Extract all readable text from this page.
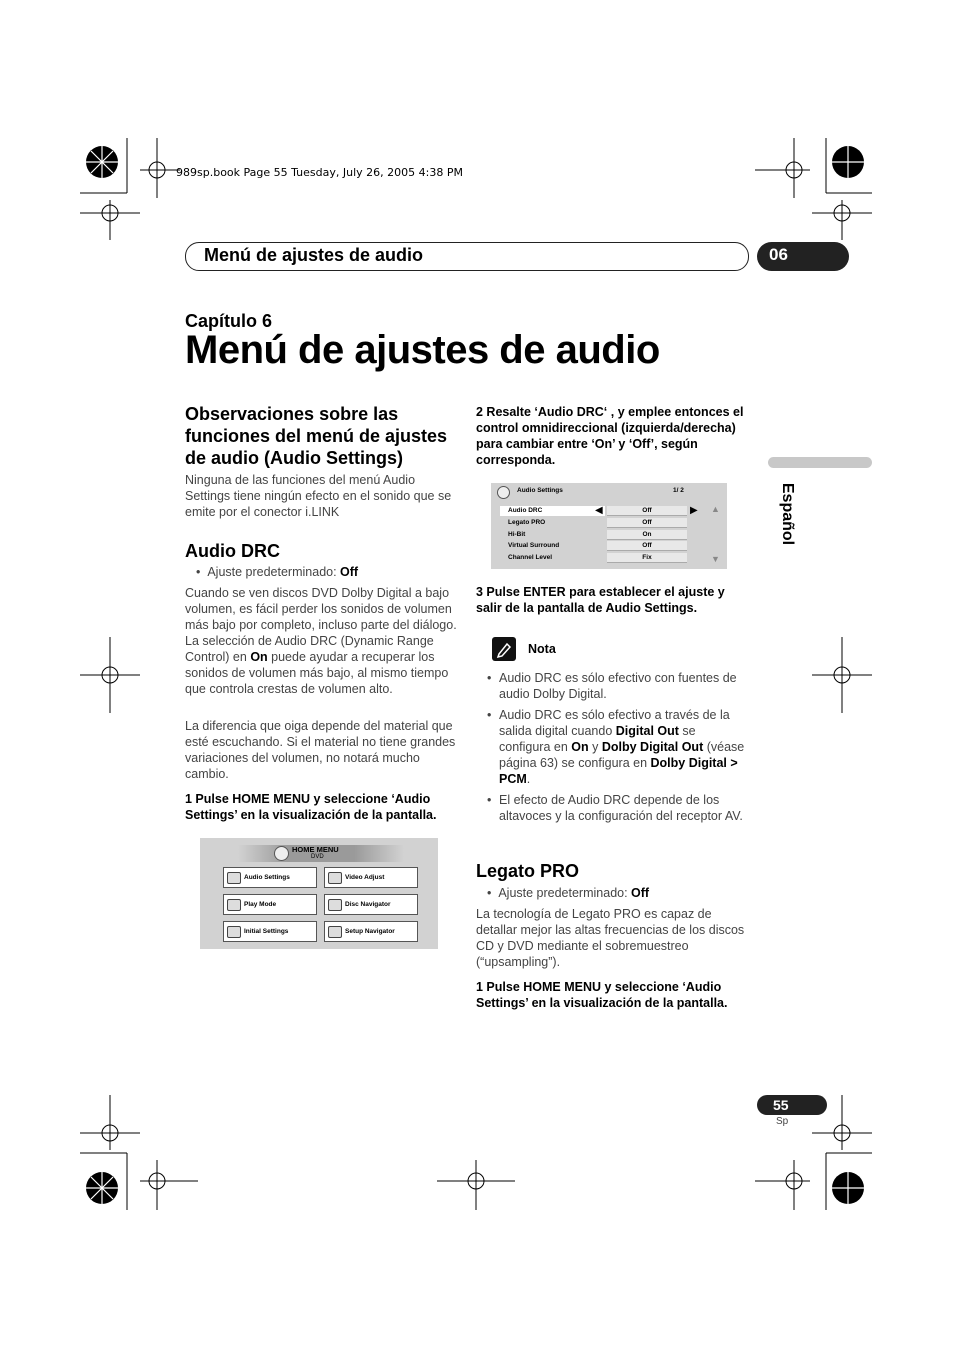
989sp.book Page 55 Tuesday, July 26, 2005 4:38 PM
Menú de ajustes de audio	06
Capítulo 6
Menú de ajustes de audio
Español
Observaciones sobre las funciones del menú de ajustes de audio (Audio Settings)
Ninguna de las funciones del menú Audio Settings tiene ningún efecto en el sonido que se emite por el conector i.LINK
Audio DRC
•  Ajuste predeterminado: Off
Cuando se ven discos DVD Dolby Digital a bajo volumen, es fácil perder los sonidos de volumen más bajo por completo, incluso parte del diálogo. La selección de Audio DRC (Dynamic Range Control) en On puede ayudar a recuperar los sonidos de volumen más bajo, al mismo tiempo que controla crestas de volumen alto.
La diferencia que oiga depende del material que esté escuchando. Si el material no tiene grandes variaciones del volumen, no notará mucho cambio.
1 Pulse HOME MENU y seleccione ‘Audio Settings’ en la visualización de la pantalla.
HOME MENU
DVD
Audio Settings	Video Adjust
Play Mode	Disc Navigator
Initial Settings	Setup Navigator
2 Resalte ‘Audio DRC‘ , y emplee entonces el control omnidireccional (izquierda/derecha) para cambiar entre ‘On’ y ‘Off’, según corresponda.
Audio Settings	1/ 2
Audio DRC	Off
Legato PRO	Off
Hi-Bit	On
Virtual Surround	Off
Channel Level	Fix
◀	▶ ▲
▼
3 Pulse ENTER para establecer el ajuste y salir de la pantalla de Audio Settings.
Nota
• Audio DRC es sólo efectivo con fuentes de audio Dolby Digital.
• Audio DRC es sólo efectivo a través de la salida digital cuando Digital Out se configura en On y Dolby Digital Out (véase página 63) se configura en Dolby Digital > PCM.
• El efecto de Audio DRC depende de los altavoces y la configuración del receptor AV.
Legato PRO
•  Ajuste predeterminado: Off
La tecnología de Legato PRO es capaz de detallar mejor las altas frecuencias de los discos CD y DVD mediante el sobremuestreo (“upsampling”).
1 Pulse HOME MENU y seleccione ‘Audio Settings’ en la visualización de la pantalla.
55
Sp
